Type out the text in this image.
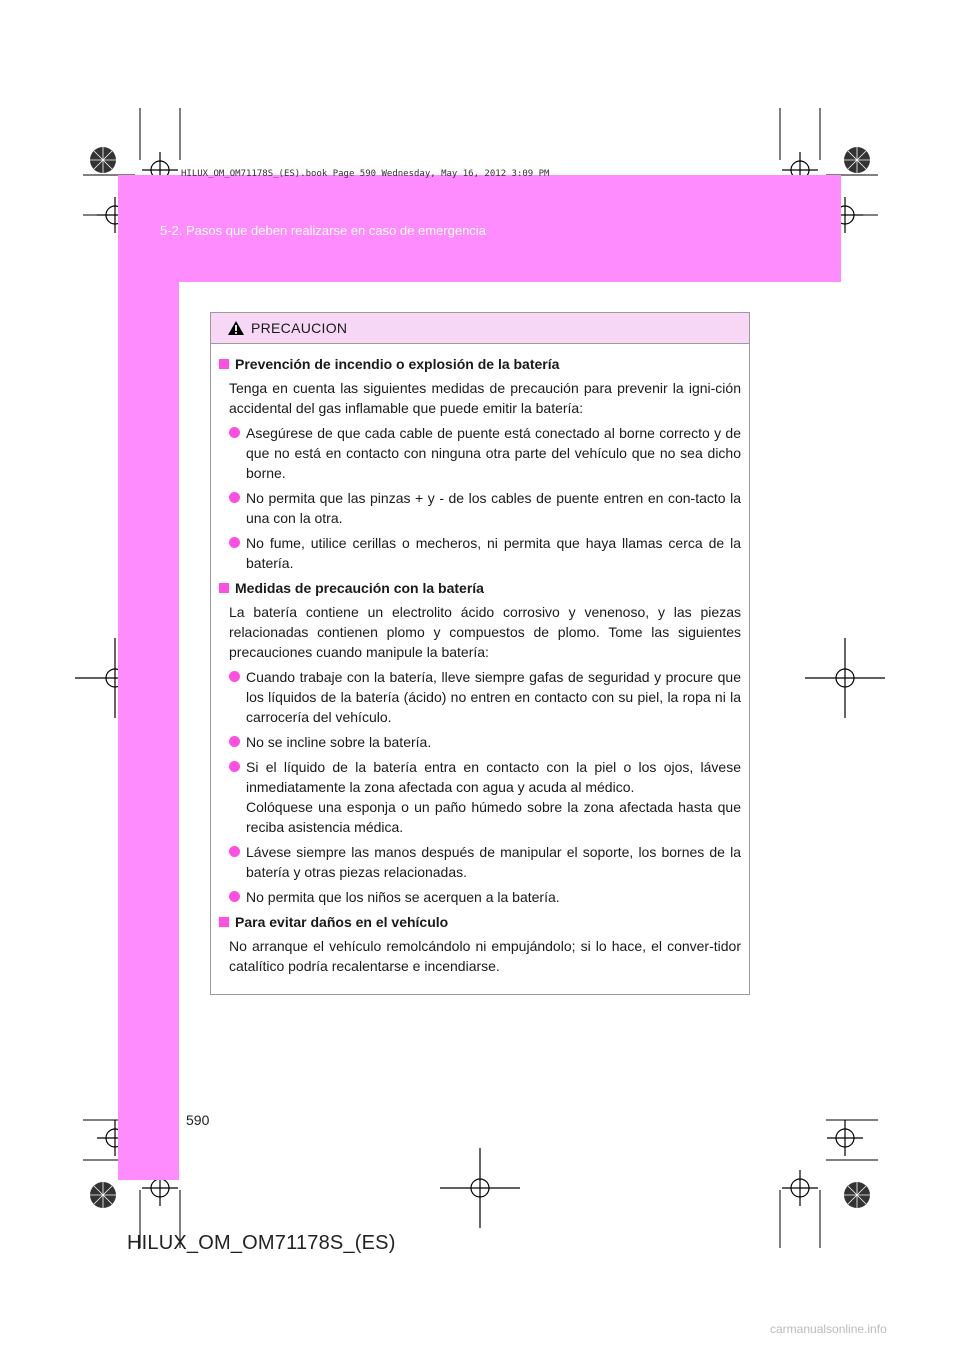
HILUX_OM_OM71178S_(ES).book Page 590 Wednesday, May 16, 2012 3:09 PM
5-2. Pasos que deben realizarse en caso de emergencia
PRECAUCION
Prevención de incendio o explosión de la batería
Tenga en cuenta las siguientes medidas de precaución para prevenir la igni-ción accidental del gas inflamable que puede emitir la batería:
Asegúrese de que cada cable de puente está conectado al borne correcto y de que no está en contacto con ninguna otra parte del vehículo que no sea dicho borne.
No permita que las pinzas + y - de los cables de puente entren en con-tacto la una con la otra.
No fume, utilice cerillas o mecheros, ni permita que haya llamas cerca de la batería.
Medidas de precaución con la batería
La batería contiene un electrolito ácido corrosivo y venenoso, y las piezas relacionadas contienen plomo y compuestos de plomo. Tome las siguientes precauciones cuando manipule la batería:
Cuando trabaje con la batería, lleve siempre gafas de seguridad y procure que los líquidos de la batería (ácido) no entren en contacto con su piel, la ropa ni la carrocería del vehículo.
No se incline sobre la batería.
Si el líquido de la batería entra en contacto con la piel o los ojos, lávese inmediatamente la zona afectada con agua y acuda al médico.
Colóquese una esponja o un paño húmedo sobre la zona afectada hasta que reciba asistencia médica.
Lávese siempre las manos después de manipular el soporte, los bornes de la batería y otras piezas relacionadas.
No permita que los niños se acerquen a la batería.
Para evitar daños en el vehículo
No arranque el vehículo remolcándolo ni empujándolo; si lo hace, el conver-tidor catalítico podría recalentarse e incendiarse.
590
HILUX_OM_OM71178S_(ES)
carmanualsonline.info
